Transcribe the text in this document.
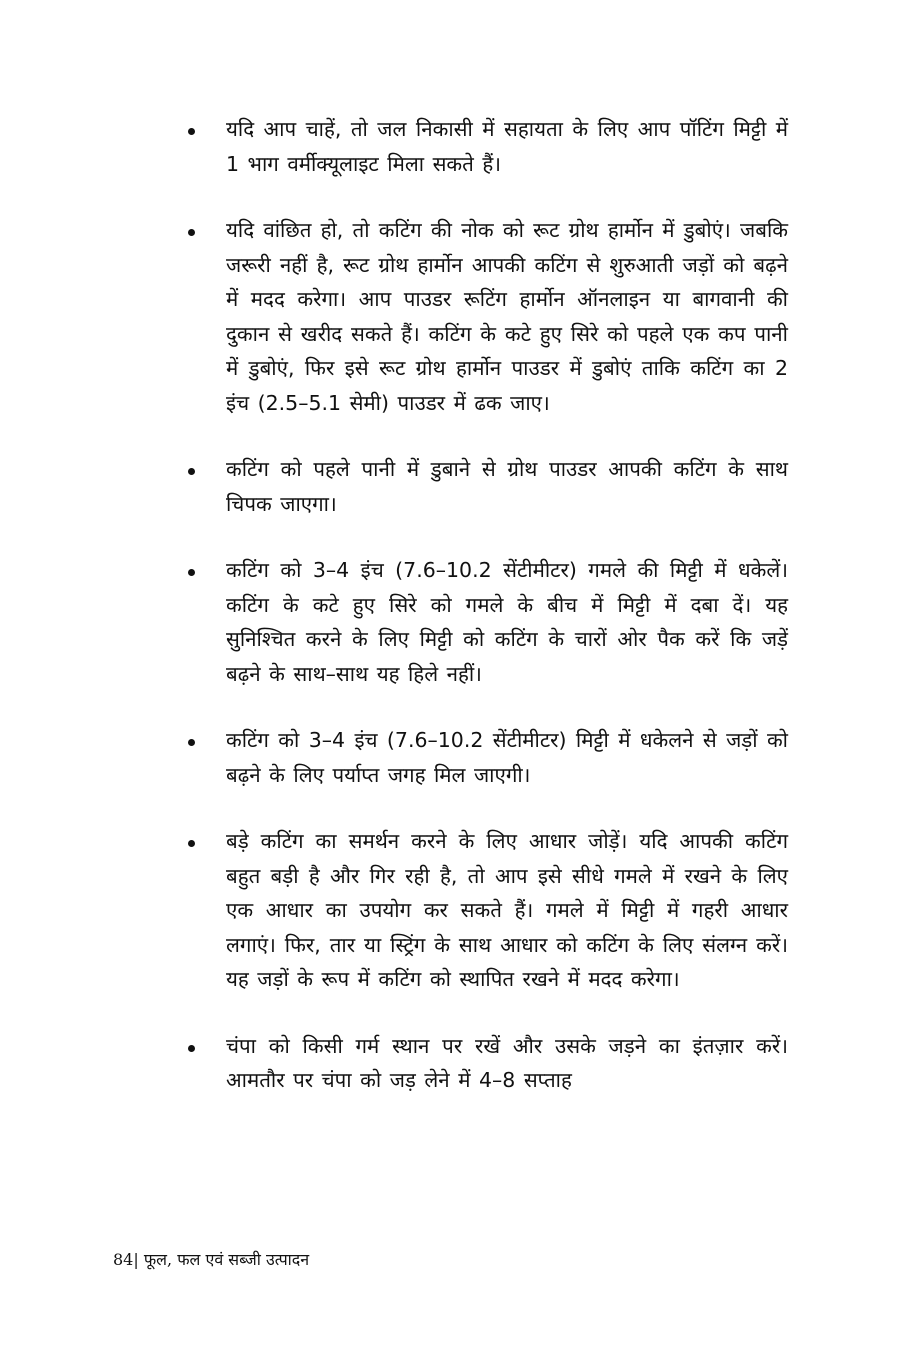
यदि आप चाहें, तो जल निकासी में सहायता के लिए आप पॉटिंग मिट्टी में 1 भाग वर्मीक्यूलाइट मिला सकते हैं।
यदि वांछित हो, तो कटिंग की नोक को रूट ग्रोथ हार्मोन में डुबोएं। जबकि जरूरी नहीं है, रूट ग्रोथ हार्मोन आपकी कटिंग से शुरुआती जड़ों को बढ़ने में मदद करेगा। आप पाउडर रूटिंग हार्मोन ऑनलाइन या बागवानी की दुकान से खरीद सकते हैं। कटिंग के कटे हुए सिरे को पहले एक कप पानी में डुबोएं, फिर इसे रूट ग्रोथ हार्मोन पाउडर में डुबोएं ताकि कटिंग का 2 इंच (2.5–5.1 सेमी) पाउडर में ढक जाए।
कटिंग को पहले पानी में डुबाने से ग्रोथ पाउडर आपकी कटिंग के साथ चिपक जाएगा।
कटिंग को 3–4 इंच (7.6–10.2 सेंटीमीटर) गमले की मिट्टी में धकेलें। कटिंग के कटे हुए सिरे को गमले के बीच में मिट्टी में दबा दें। यह सुनिश्चित करने के लिए मिट्टी को कटिंग के चारों ओर पैक करें कि जड़ें बढ़ने के साथ–साथ यह हिले नहीं।
कटिंग को 3–4 इंच (7.6–10.2 सेंटीमीटर) मिट्टी में धकेलने से जड़ों को बढ़ने के लिए पर्याप्त जगह मिल जाएगी।
बड़े कटिंग का समर्थन करने के लिए आधार जोड़ें। यदि आपकी कटिंग बहुत बड़ी है और गिर रही है, तो आप इसे सीधे गमले में रखने के लिए एक आधार का उपयोग कर सकते हैं। गमले में मिट्टी में गहरी आधार लगाएं। फिर, तार या स्ट्रिंग के साथ आधार को कटिंग के लिए संलग्न करें। यह जड़ों के रूप में कटिंग को स्थापित रखने में मदद करेगा।
चंपा को किसी गर्म स्थान पर रखें और उसके जड़ने का इंतज़ार करें। आमतौर पर चंपा को जड़ लेने में 4–8 सप्ताह
84| फूल, फल एवं सब्जी उत्पादन
